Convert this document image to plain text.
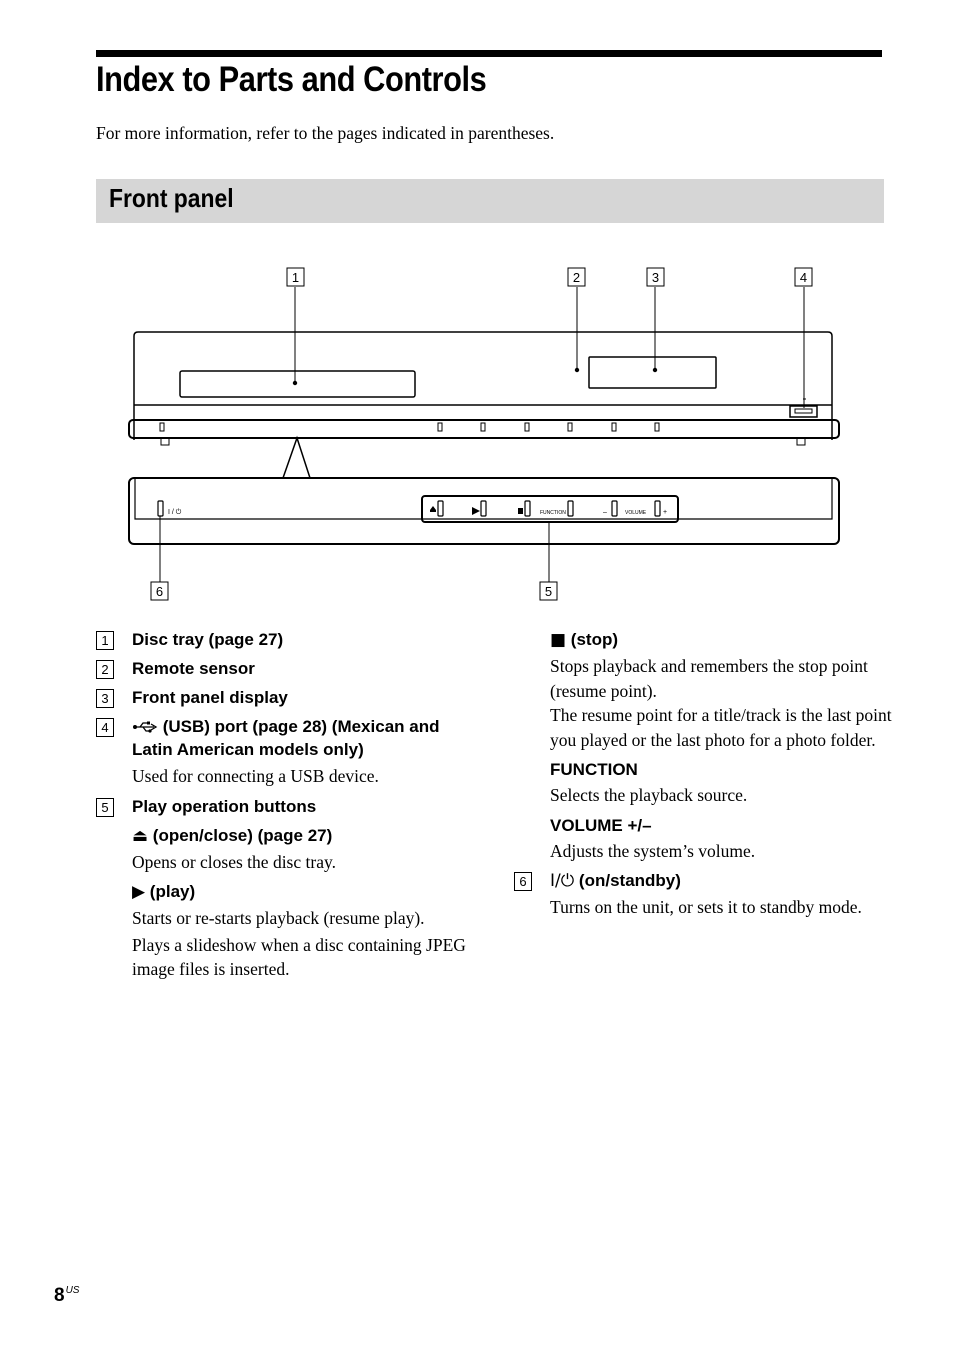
Index to Parts and Controls
For more information, refer to the pages indicated in parentheses.
Front panel
1	2	3	4
5
6
I / ⏻	FUNCTION	VOLUME
–	+
1	Disc tray (page 27)
2	Remote sensor
3	Front panel display
4	(USB) port (page 28) (Mexican and Latin American models only)
Used for connecting a USB device.
5	Play operation buttons
⏏ (open/close) (page 27)
Opens or closes the disc tray.
▶ (play)
Starts or re-starts playback (resume play).
Plays a slideshow when a disc containing JPEG image files is inserted.
■ (stop)
Stops playback and remembers the stop point (resume point).
The resume point for a title/track is the last point you played or the last photo for a photo folder.
FUNCTION
Selects the playback source.
VOLUME +/–
Adjusts the system’s volume.
6	I/⏻ (on/standby)
Turns on the unit, or sets it to standby mode.
$8^{US}$
